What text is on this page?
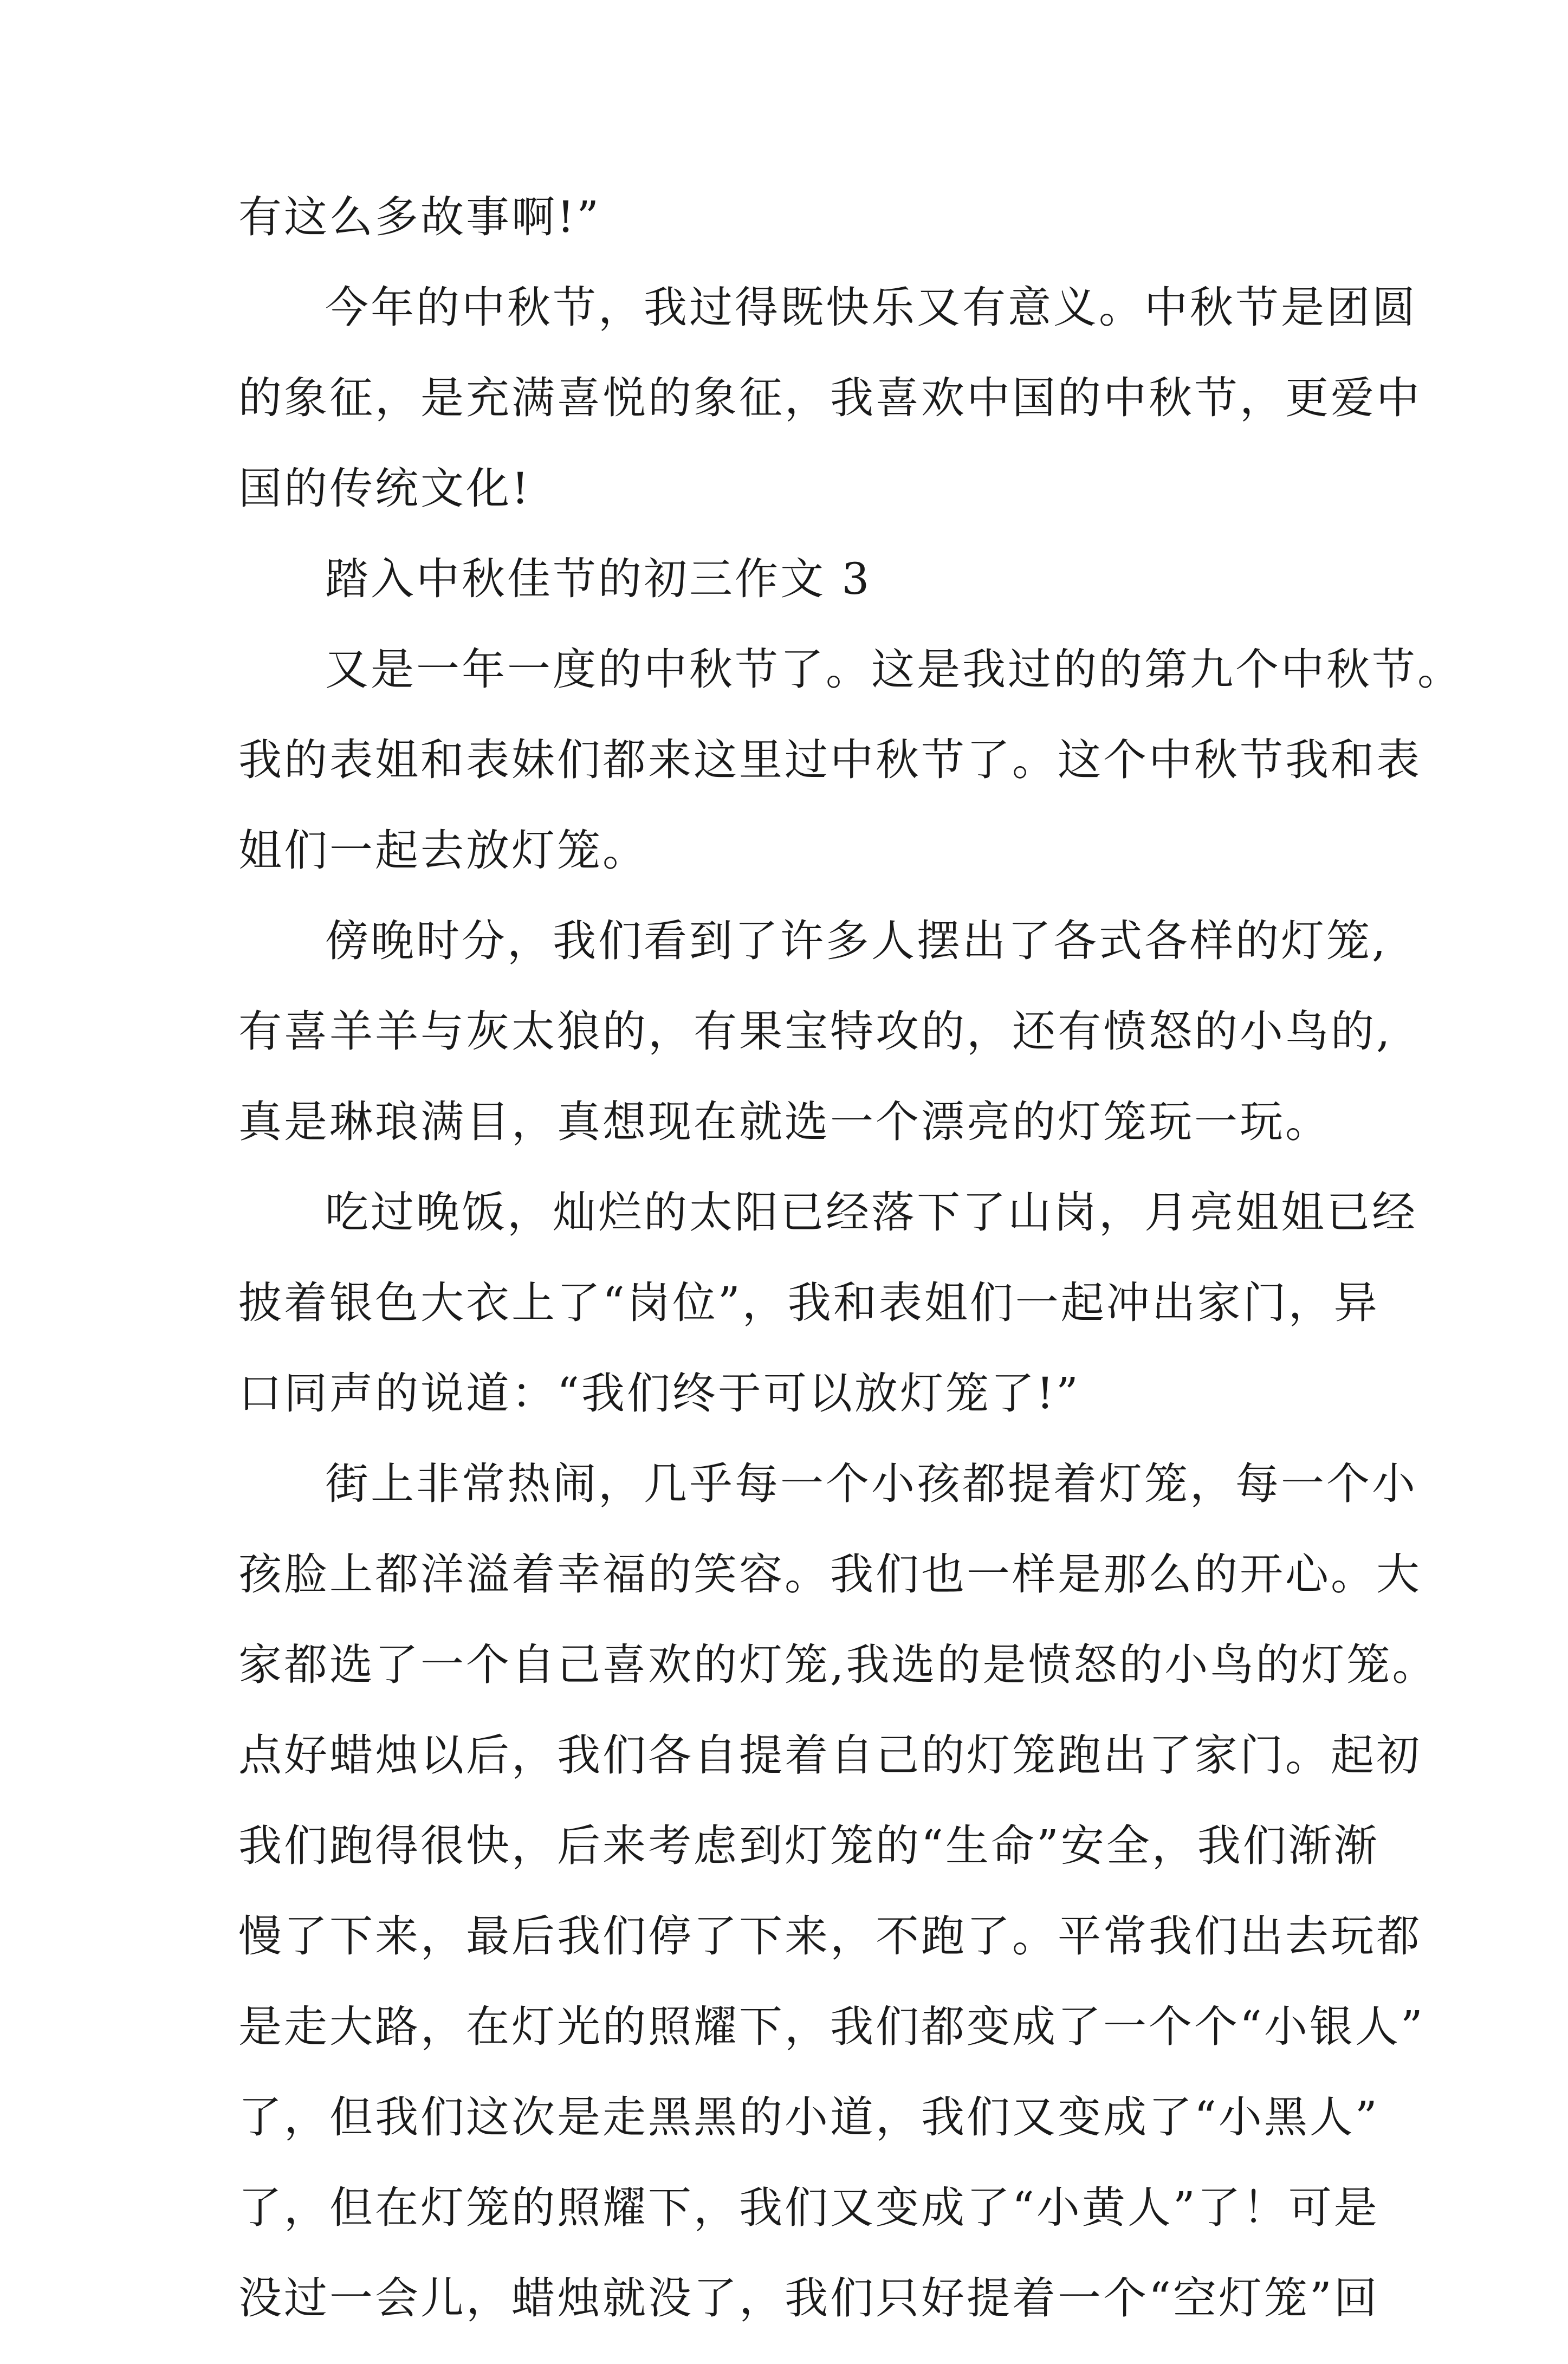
有这么多故事啊!”
今年的中秋节，我过得既快乐又有意义。中秋节是团圆
的象征，是充满喜悦的象征，我喜欢中国的中秋节，更爱中
国的传统文化!
踏入中秋佳节的初三作文 3
又是一年一度的中秋节了。这是我过的的第九个中秋节。
我的表姐和表妹们都来这里过中秋节了。这个中秋节我和表
姐们一起去放灯笼。
傍晚时分，我们看到了许多人摆出了各式各样的灯笼,
有喜羊羊与灰太狼的，有果宝特攻的，还有愤怒的小鸟的,
真是琳琅满目，真想现在就选一个漂亮的灯笼玩一玩。
吃过晚饭，灿烂的太阳已经落下了山岗，月亮姐姐已经
披着银色大衣上了“岗位”，我和表姐们一起冲出家门，异
口同声的说道：“我们终于可以放灯笼了!”
街上非常热闹，几乎每一个小孩都提着灯笼，每一个小
孩脸上都洋溢着幸福的笑容。我们也一样是那么的开心。大
家都选了一个自己喜欢的灯笼,我选的是愤怒的小鸟的灯笼。
点好蜡烛以后，我们各自提着自己的灯笼跑出了家门。起初
我们跑得很快，后来考虑到灯笼的“生命”安全，我们渐渐
慢了下来，最后我们停了下来，不跑了。平常我们出去玩都
是走大路，在灯光的照耀下，我们都变成了一个个“小银人”
了，但我们这次是走黑黑的小道，我们又变成了“小黑人”
了，但在灯笼的照耀下，我们又变成了“小黄人”了！可是
没过一会儿，蜡烛就没了，我们只好提着一个“空灯笼”回
